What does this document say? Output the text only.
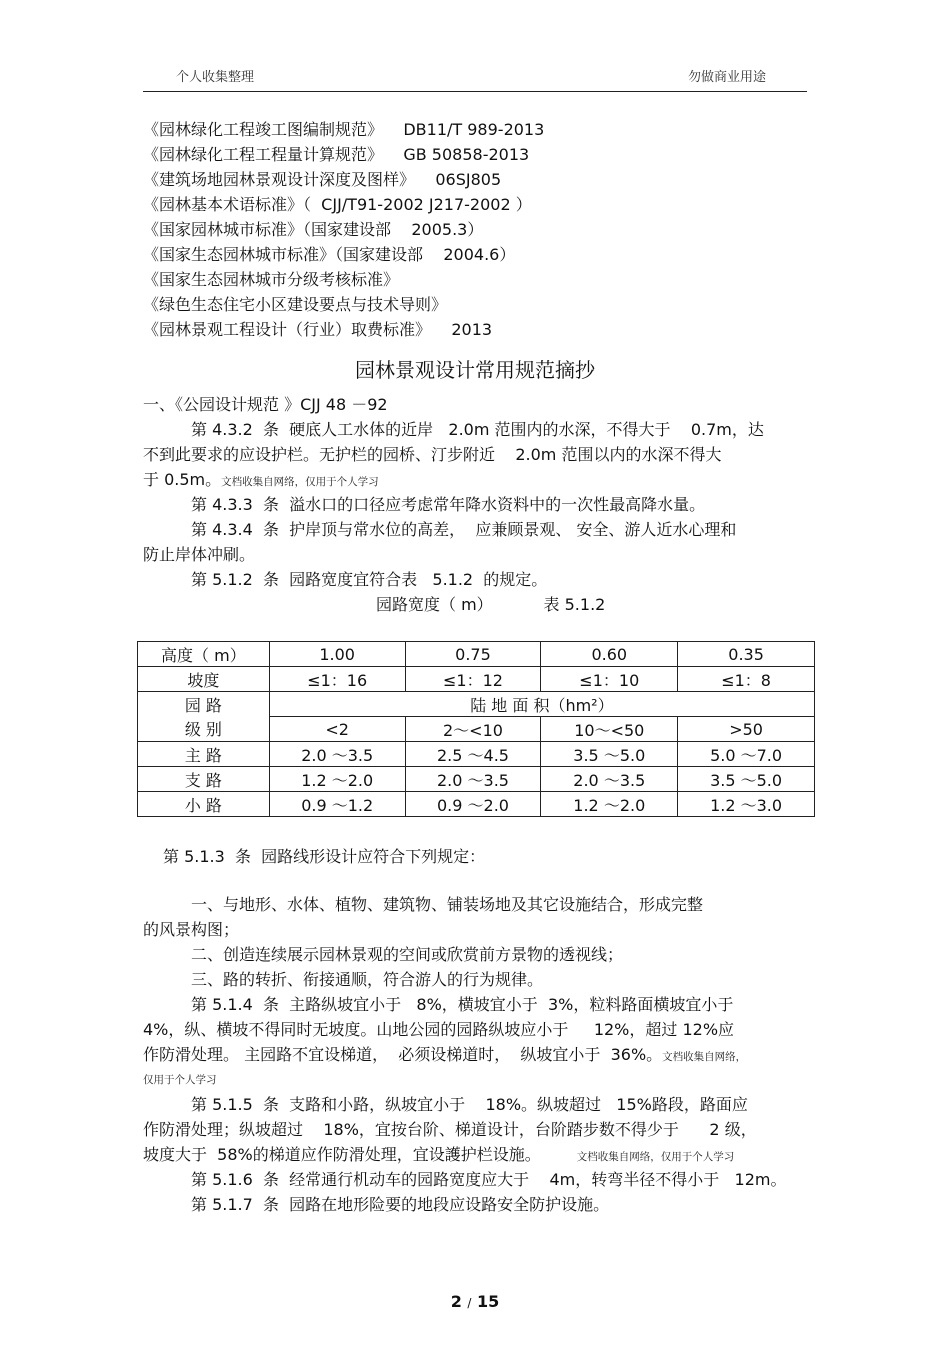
个人收集整理	勿做商业用途
《园林绿化工程竣工图编制规范》    DB11/T 989-2013
《园林绿化工程工程量计算规范》    GB 50858-2013
《建筑场地园林景观设计深度及图样》    06SJ805
《园林基本术语标准》（  CJJ/T91-2002 J217-2002 ）
《国家园林城市标准》（国家建设部    2005.3）
《国家生态园林城市标准》（国家建设部    2004.6）
《国家生态园林城市分级考核标准》
《绿色生态住宅小区建设要点与技术导则》
《园林景观工程设计（行业）取费标准》    2013
园林景观设计常用规范摘抄
一、《公园设计规范 》CJJ 48 －92
第 4.3.2  条  硬底人工水体的近岸   2.0m 范围内的水深，不得大于    0.7m，达
不到此要求的应设护栏。无护栏的园桥、汀步附近    2.0m 范围以内的水深不得大
于 0.5m。文档收集自网络，仅用于个人学习
第 4.3.3  条  溢水口的口径应考虑常年降水资料中的一次性最高降水量。
第 4.3.4  条  护岸顶与常水位的高差，  应兼顾景观、 安全、游人近水心理和
防止岸体冲刷。
第 5.1.2  条  园路宽度宜符合表   5.1.2  的规定。
园路宽度（ m）          表 5.1.2
高度（ m）	1.00	0.75	0.60	0.35
坡度	≤1：16	≤1：12	≤1：10	≤1：8
园 路	陆 地 面 积（hm²）			
级 别	<2	2～<10	10～<50	>50
主 路	2.0 ～3.5	2.5 ～4.5	3.5 ～5.0	5.0 ～7.0
支 路	1.2 ～2.0	2.0 ～3.5	2.0 ～3.5	3.5 ～5.0
小 路	0.9 ～1.2	0.9 ～2.0	1.2 ～2.0	1.2 ～3.0
第 5.1.3  条  园路线形设计应符合下列规定：
一、与地形、水体、植物、建筑物、铺装场地及其它设施结合，形成完整
的风景构图；
二、创造连续展示园林景观的空间或欣赏前方景物的透视线；
三、路的转折、衔接通顺，符合游人的行为规律。
第 5.1.4  条  主路纵坡宜小于   8%，横坡宜小于  3%，粒料路面横坡宜小于
4%，纵、横坡不得同时无坡度。山地公园的园路纵坡应小于     12%，超过 12%应
作防滑处理。 主园路不宜设梯道，  必须设梯道时，  纵坡宜小于  36%。文档收集自网络，
仅用于个人学习
第 5.1.5  条  支路和小路，纵坡宜小于    18%。纵坡超过   15%路段，路面应
作防滑处理；纵坡超过    18%，宜按台阶、梯道设计，台阶踏步数不得少于      2 级，
坡度大于  58%的梯道应作防滑处理，宜设護护栏设施。	文档收集自网络，仅用于个人学习
第 5.1.6  条  经常通行机动车的园路宽度应大于    4m，转弯半径不得小于   12m。
第 5.1.7  条  园路在地形险要的地段应设路安全防护设施。
2 / 15
